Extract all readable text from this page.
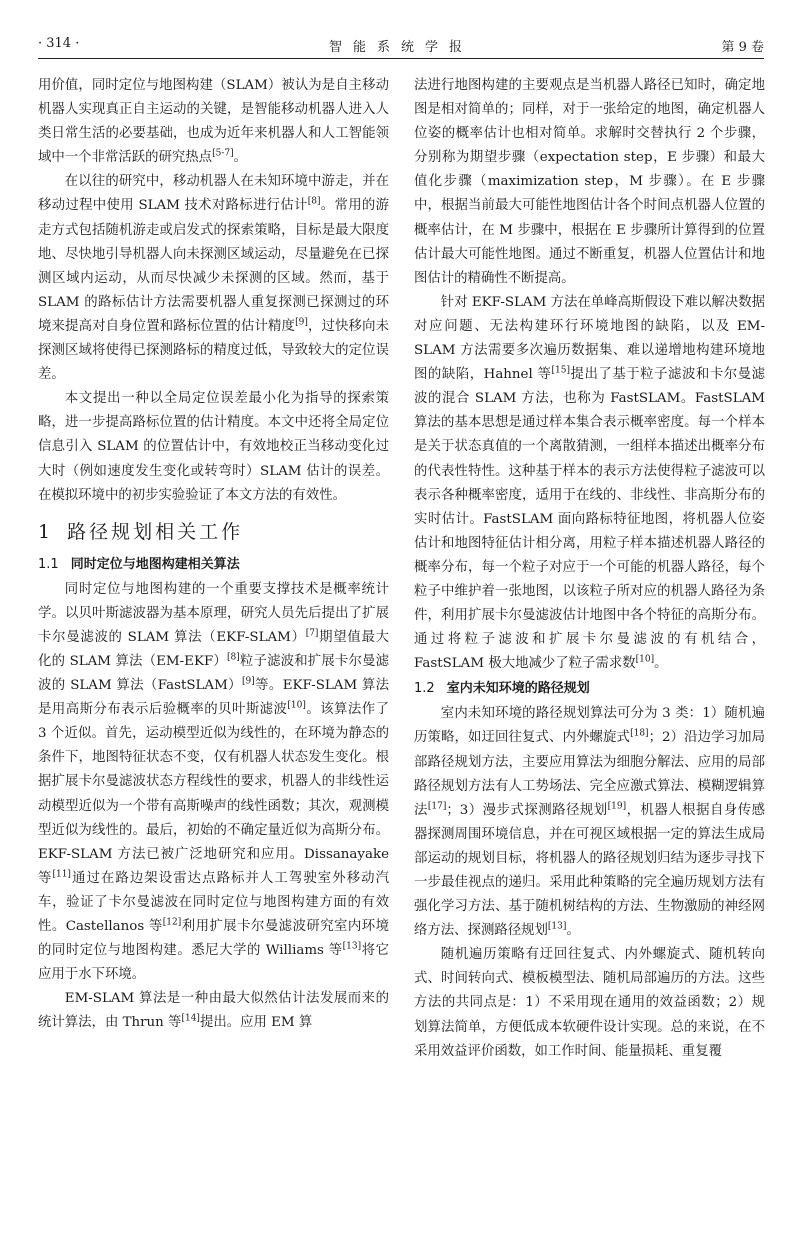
· 314 ·	智能系统学报	第 9 卷

用价值，同时定位与地图构建（SLAM）被认为是自主移动机器人实现真正自主运动的关键，是智能移动机器人进入人类日常生活的必要基础，也成为近年来机器人和人工智能领域中一个非常活跃的研究热点[5-7]。

在以往的研究中，移动机器人在未知环境中游走，并在移动过程中使用 SLAM 技术对路标进行估计[8]。常用的游走方式包括随机游走或启发式的探索策略，目标是最大限度地、尽快地引导机器人向未探测区域运动，尽量避免在已探测区域内运动，从而尽快减少未探测的区域。然而，基于 SLAM 的路标估计方法需要机器人重复探测已探测过的环境来提高对自身位置和路标位置的估计精度[9]，过快移向未探测区域将使得已探测路标的精度过低，导致较大的定位误差。

本文提出一种以全局定位误差最小化为指导的探索策略，进一步提高路标位置的估计精度。本文中还将全局定位信息引入 SLAM 的位置估计中，有效地校正当移动变化过大时（例如速度发生变化或转弯时）SLAM 估计的误差。在模拟环境中的初步实验验证了本文方法的有效性。

1 路径规划相关工作
1.1 同时定位与地图构建相关算法

同时定位与地图构建的一个重要支撑技术是概率统计学。以贝叶斯滤波器为基本原理，研究人员先后提出了扩展卡尔曼滤波的 SLAM 算法（EKF-SLAM）[7]期望值最大化的 SLAM 算法（EM-EKF）[8]粒子滤波和扩展卡尔曼滤波的 SLAM 算法（FastSLAM）[9]等。EKF-SLAM 算法是用高斯分布表示后验概率的贝叶斯滤波[10]。该算法作了 3 个近似。首先，运动模型近似为线性的，在环境为静态的条件下，地图特征状态不变，仅有机器人状态发生变化。根据扩展卡尔曼滤波状态方程线性的要求，机器人的非线性运动模型近似为一个带有高斯噪声的线性函数；其次，观测模型近似为线性的。最后，初始的不确定量近似为高斯分布。EKF-SLAM 方法已被广泛地研究和应用。Dissanayake 等[11]通过在路边架设雷达点路标并人工驾驶室外移动汽车，验证了卡尔曼滤波在同时定位与地图构建方面的有效性。Castellanos 等[12]利用扩展卡尔曼滤波研究室内环境的同时定位与地图构建。悉尼大学的 Williams 等[13]将它应用于水下环境。

EM-SLAM 算法是一种由最大似然估计法发展而来的统计算法，由 Thrun 等[14]提出。应用 EM 算

法进行地图构建的主要观点是当机器人路径已知时，确定地图是相对简单的；同样，对于一张给定的地图，确定机器人位姿的概率估计也相对简单。求解时交替执行 2 个步骤，分别称为期望步骤（expectation step，E 步骤）和最大值化步骤（maximization step，M 步骤）。在 E 步骤中，根据当前最大可能性地图估计各个时间点机器人位置的概率估计，在 M 步骤中，根据在 E 步骤所计算得到的位置估计最大可能性地图。通过不断重复，机器人位置估计和地图估计的精确性不断提高。

针对 EKF-SLAM 方法在单峰高斯假设下难以解决数据对应问题、无法构建环行环境地图的缺陷，以及 EM-SLAM 方法需要多次遍历数据集、难以递增地构建环境地图的缺陷，Hahnel 等[15]提出了基于粒子滤波和卡尔曼滤波的混合 SLAM 方法，也称为 FastSLAM。FastSLAM 算法的基本思想是通过样本集合表示概率密度。每一个样本是关于状态真值的一个离散猜测，一组样本描述出概率分布的代表性特性。这种基于样本的表示方法使得粒子滤波可以表示各种概率密度，适用于在线的、非线性、非高斯分布的实时估计。FastSLAM 面向路标特征地图，将机器人位姿估计和地图特征估计相分离，用粒子样本描述机器人路径的概率分布，每一个粒子对应于一个可能的机器人路径，每个粒子中维护着一张地图，以该粒子所对应的机器人路径为条件，利用扩展卡尔曼滤波估计地图中各个特征的高斯分布。通过将粒子滤波和扩展卡尔曼滤波的有机结合，FastSLAM 极大地减少了粒子需求数[10]。

1.2 室内未知环境的路径规划

室内未知环境的路径规划算法可分为 3 类：1）随机遍历策略，如迂回往复式、内外螺旋式[18]；2）沿边学习加局部路径规划方法，主要应用算法为细胞分解法、应用的局部路径规划方法有人工势场法、完全应激式算法、模糊逻辑算法[17]；3）漫步式探测路径规划[19]，机器人根据自身传感器探测周围环境信息，并在可视区域根据一定的算法生成局部运动的规划目标，将机器人的路径规划归结为逐步寻找下一步最佳视点的递归。采用此种策略的完全遍历规划方法有强化学习方法、基于随机树结构的方法、生物激励的神经网络方法、探测路径规划[13]。

随机遍历策略有迂回往复式、内外螺旋式、随机转向式、时间转向式、模板模型法、随机局部遍历的方法。这些方法的共同点是：1）不采用现在通用的效益函数；2）规划算法简单，方便低成本软硬件设计实现。总的来说，在不采用效益评价函数，如工作时间、能量损耗、重复覆
